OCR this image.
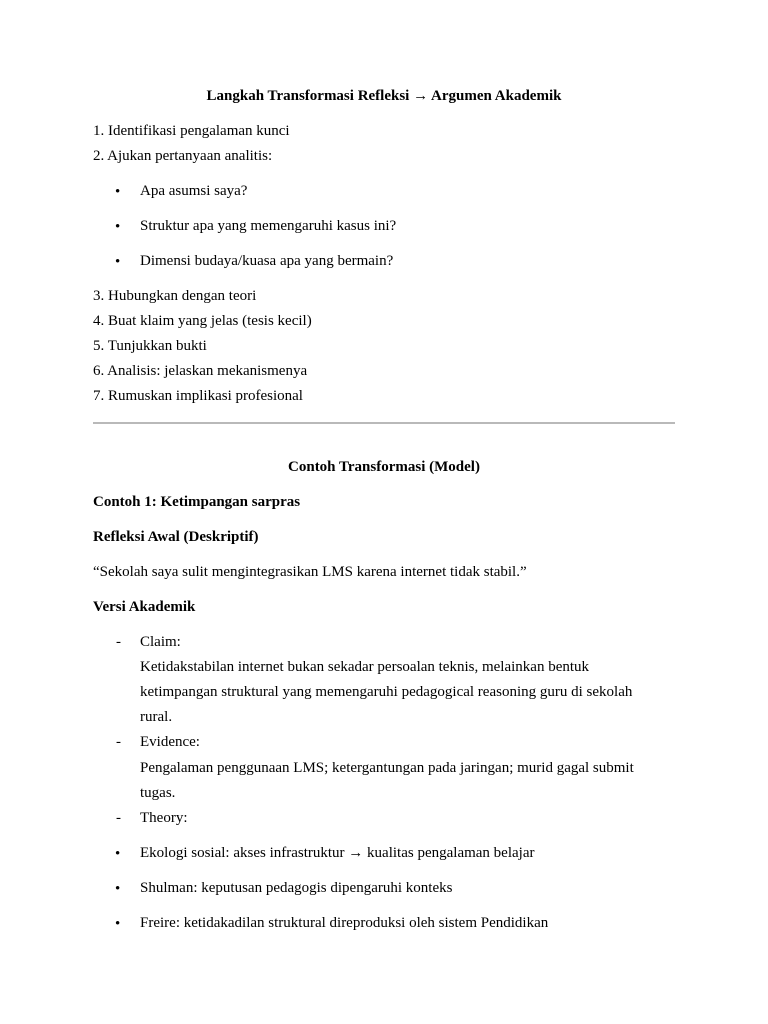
Langkah Transformasi Refleksi → Argumen Akademik
1. Identifikasi pengalaman kunci
2. Ajukan pertanyaan analitis:
• Apa asumsi saya?
• Struktur apa yang memengaruhi kasus ini?
• Dimensi budaya/kuasa apa yang bermain?
3. Hubungkan dengan teori
4. Buat klaim yang jelas (tesis kecil)
5. Tunjukkan bukti
6. Analisis: jelaskan mekanismenya
7. Rumuskan implikasi profesional
Contoh Transformasi (Model)
Contoh 1: Ketimpangan sarpras
Refleksi Awal (Deskriptif)
“Sekolah saya sulit mengintegrasikan LMS karena internet tidak stabil.”
Versi Akademik
- Claim:
Ketidakstabilan internet bukan sekadar persoalan teknis, melainkan bentuk
ketimpangan struktural yang memengaruhi pedagogical reasoning guru di sekolah
rural.
- Evidence:
Pengalaman penggunaan LMS; ketergantungan pada jaringan; murid gagal submit
tugas.
- Theory:
• Ekologi sosial: akses infrastruktur → kualitas pengalaman belajar
• Shulman: keputusan pedagogis dipengaruhi konteks
• Freire: ketidakadilan struktural direproduksi oleh sistem Pendidikan
